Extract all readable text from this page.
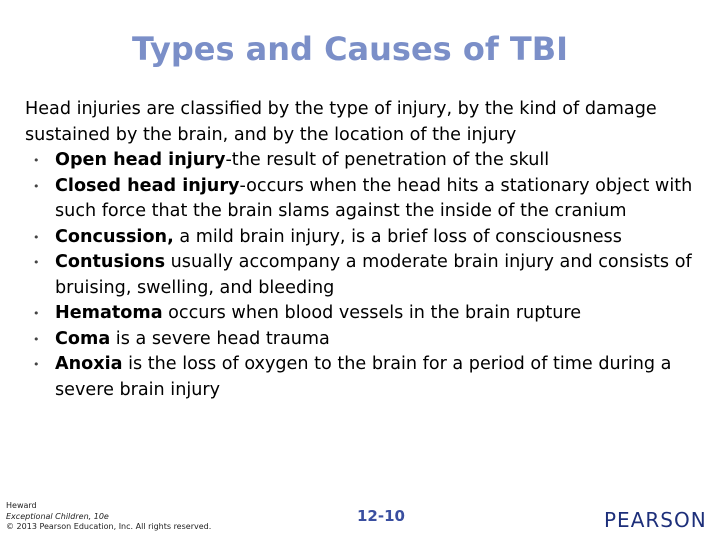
Types and Causes of TBI

Head injuries are classified by the type of injury, by the kind of damage sustained by the brain, and by the location of the injury

• Open head injury-the result of penetration of the skull
• Closed head injury-occurs when the head hits a stationary object with such force that the brain slams against the inside of the cranium
• Concussion, a mild brain injury, is a brief loss of consciousness
• Contusions usually accompany a moderate brain injury and consists of bruising, swelling, and bleeding
• Hematoma occurs when blood vessels in the brain rupture
• Coma is a severe head trauma
• Anoxia is the loss of oxygen to the brain for a period of time during a severe brain injury
Heward
Exceptional Children, 10e
© 2013 Pearson Education, Inc. All rights reserved.
12-10	PEARSON
